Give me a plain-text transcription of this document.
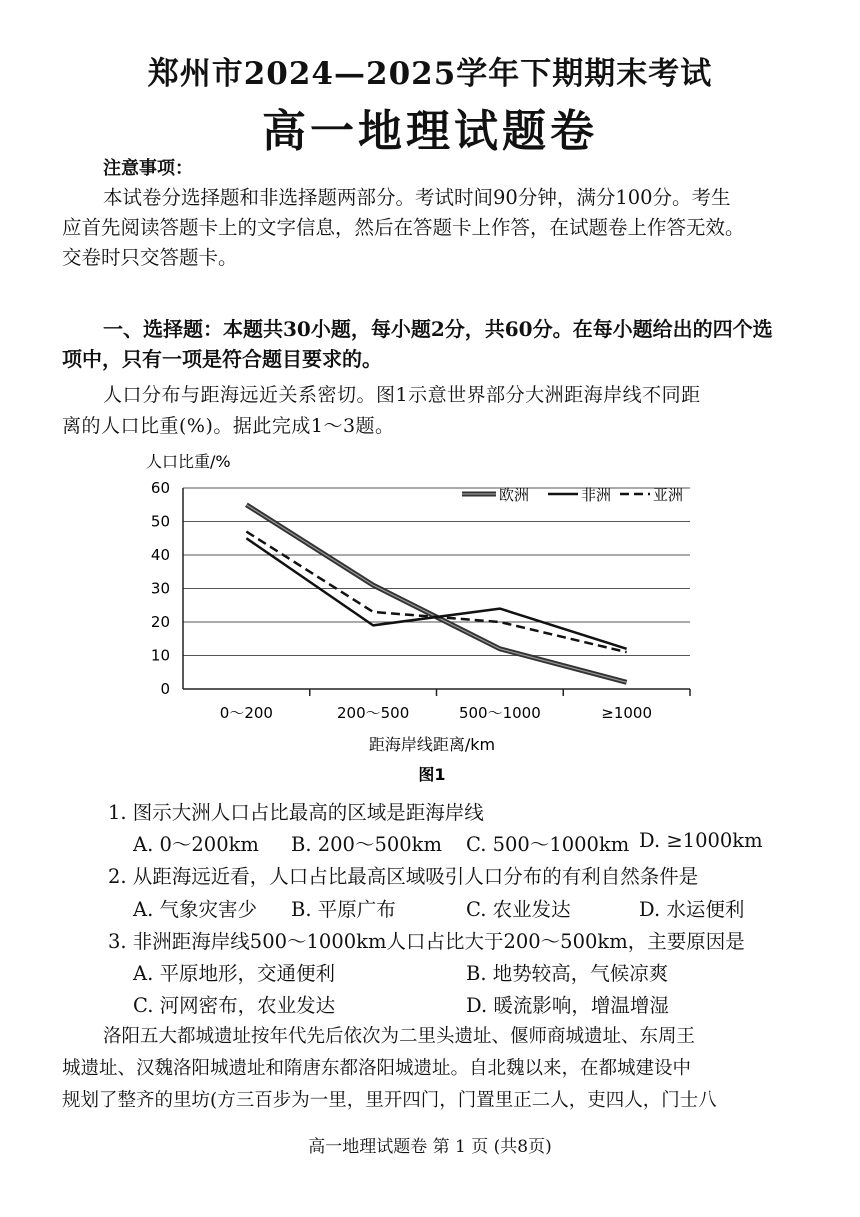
郑州市2024—2025学年下期期末考试
高一地理试题卷
注意事项：
本试卷分选择题和非选择题两部分。考试时间90分钟，满分100分。考生
应首先阅读答题卡上的文字信息，然后在答题卡上作答，在试题卷上作答无效。
交卷时只交答题卡。
一、选择题：本题共30小题，每小题2分，共60分。在每小题给出的四个选
项中，只有一项是符合题目要求的。
人口分布与距海远近关系密切。图1示意世界部分大洲距海岸线不同距
离的人口比重(%)。据此完成1～3题。
人口比重/%
0
10
20
30
40
50
60
0～200	200～500	500～1000	≥1000
欧洲	非洲	亚洲
距海岸线距离/km
图1
1. 图示大洲人口占比最高的区域是距海岸线
A. 0～200km B. 200～500km C. 500～1000km D. ≥1000km
2. 从距海远近看，人口占比最高区域吸引人口分布的有利自然条件是
A. 气象灾害少 B. 平原广布	C. 农业发达	D. 水运便利
3. 非洲距海岸线500～1000km人口占比大于200～500km，主要原因是
A. 平原地形，交通便利	B. 地势较高，气候凉爽
C. 河网密布，农业发达	D. 暖流影响，增温增湿
洛阳五大都城遗址按年代先后依次为二里头遗址、偃师商城遗址、东周王
城遗址、汉魏洛阳城遗址和隋唐东都洛阳城遗址。自北魏以来，在都城建设中
规划了整齐的里坊(方三百步为一里，里开四门，门置里正二人，吏四人，门士八
高一地理试题卷 第 1 页 (共8页)
